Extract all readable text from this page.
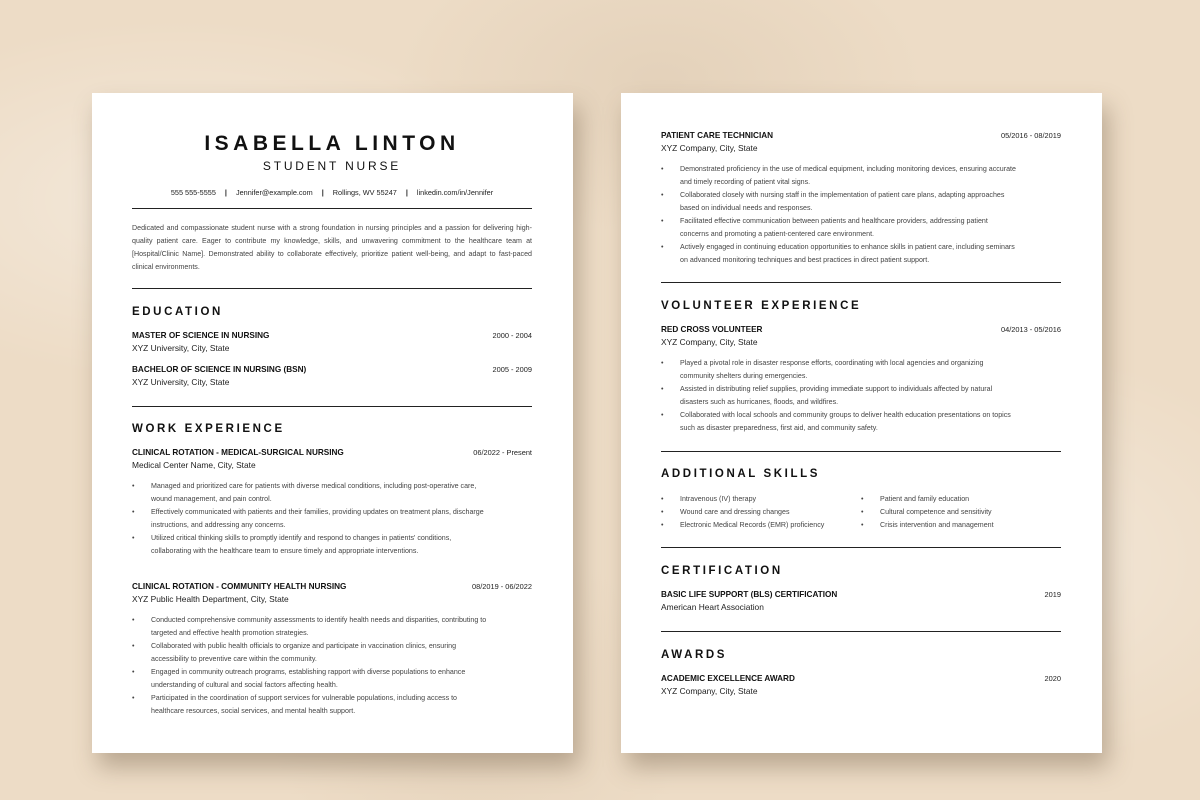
ISABELLA LINTON

STUDENT NURSE

555 555-5555 | Jennifer@example.com | Rollings, WV 55247 | linkedin.com/in/Jennifer

Dedicated and compassionate student nurse with a strong foundation in nursing principles and a passion for delivering high-quality patient care. Eager to contribute my knowledge, skills, and unwavering commitment to the healthcare team at [Hospital/Clinic Name]. Demonstrated ability to collaborate effectively, prioritize patient well-being, and adapt to fast-paced clinical environments.

EDUCATION
MASTER OF SCIENCE IN NURSING	2000 - 2004
XYZ University, City, State
BACHELOR OF SCIENCE IN NURSING (BSN)	2005 - 2009
XYZ University, City, State
WORK EXPERIENCE
CLINICAL ROTATION - MEDICAL-SURGICAL NURSING	06/2022 - Present
Medical Center Name, City, State
• Managed and prioritized care for patients with diverse medical conditions, including post-operative care,
wound management, and pain control.
• Effectively communicated with patients and their families, providing updates on treatment plans, discharge
instructions, and addressing any concerns.
• Utilized critical thinking skills to promptly identify and respond to changes in patients' conditions,
collaborating with the healthcare team to ensure timely and appropriate interventions.
CLINICAL ROTATION - COMMUNITY HEALTH NURSING	08/2019 - 06/2022
XYZ Public Health Department, City, State
• Conducted comprehensive community assessments to identify health needs and disparities, contributing to
targeted and effective health promotion strategies.
• Collaborated with public health officials to organize and participate in vaccination clinics, ensuring
accessibility to preventive care within the community.
• Engaged in community outreach programs, establishing rapport with diverse populations to enhance
understanding of cultural and social factors affecting health.
• Participated in the coordination of support services for vulnerable populations, including access to
healthcare resources, social services, and mental health support.
PATIENT CARE TECHNICIAN	05/2016 - 08/2019
XYZ Company, City, State
• Demonstrated proficiency in the use of medical equipment, including monitoring devices, ensuring accurate
and timely recording of patient vital signs.
• Collaborated closely with nursing staff in the implementation of patient care plans, adapting approaches
based on individual needs and responses.
• Facilitated effective communication between patients and healthcare providers, addressing patient
concerns and promoting a patient-centered care environment.
• Actively engaged in continuing education opportunities to enhance skills in patient care, including seminars
on advanced monitoring techniques and best practices in direct patient support.
VOLUNTEER EXPERIENCE
RED CROSS VOLUNTEER	04/2013 - 05/2016
XYZ Company, City, State
• Played a pivotal role in disaster response efforts, coordinating with local agencies and organizing
community shelters during emergencies.
• Assisted in distributing relief supplies, providing immediate support to individuals affected by natural
disasters such as hurricanes, floods, and wildfires.
• Collaborated with local schools and community groups to deliver health education presentations on topics
such as disaster preparedness, first aid, and community safety.
ADDITIONAL SKILLS
• Intravenous (IV) therapy
• Wound care and dressing changes
• Electronic Medical Records (EMR) proficiency
• Patient and family education
• Cultural competence and sensitivity
• Crisis intervention and management
CERTIFICATION
BASIC LIFE SUPPORT (BLS) CERTIFICATION	2019
American Heart Association
AWARDS
ACADEMIC EXCELLENCE AWARD	2020
XYZ Company, City, State
